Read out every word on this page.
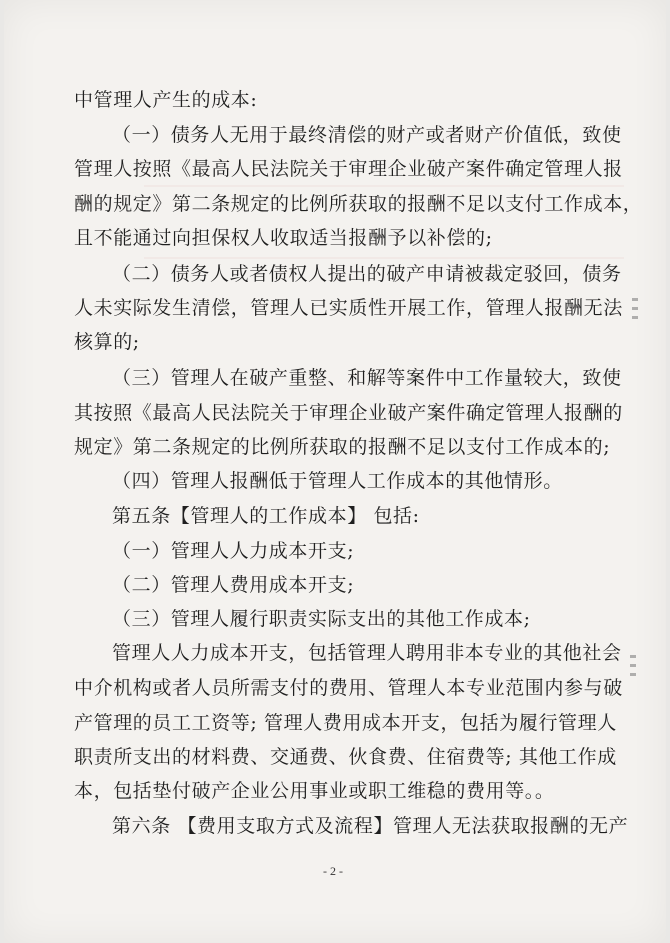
中管理人产生的成本:
（一）债务人无用于最终清偿的财产或者财产价值低，致使
管理人按照《最高人民法院关于审理企业破产案件确定管理人报
酬的规定》第二条规定的比例所获取的报酬不足以支付工作成本，
且不能通过向担保权人收取适当报酬予以补偿的;
（二）债务人或者债权人提出的破产申请被裁定驳回，债务
人未实际发生清偿，管理人已实质性开展工作，管理人报酬无法
核算的;
（三）管理人在破产重整、和解等案件中工作量较大，致使
其按照《最高人民法院关于审理企业破产案件确定管理人报酬的
规定》第二条规定的比例所获取的报酬不足以支付工作成本的;
（四）管理人报酬低于管理人工作成本的其他情形。
第五条【管理人的工作成本】 包括:
（一）管理人人力成本开支;
（二）管理人费用成本开支;
（三）管理人履行职责实际支出的其他工作成本;
管理人人力成本开支，包括管理人聘用非本专业的其他社会
中介机构或者人员所需支付的费用、管理人本专业范围内参与破
产管理的员工工资等; 管理人费用成本开支，包括为履行管理人
职责所支出的材料费、交通费、伙食费、住宿费等; 其他工作成
本，包括垫付破产企业公用事业或职工维稳的费用等。。
第六条 【费用支取方式及流程】管理人无法获取报酬的无产
- 2 -
